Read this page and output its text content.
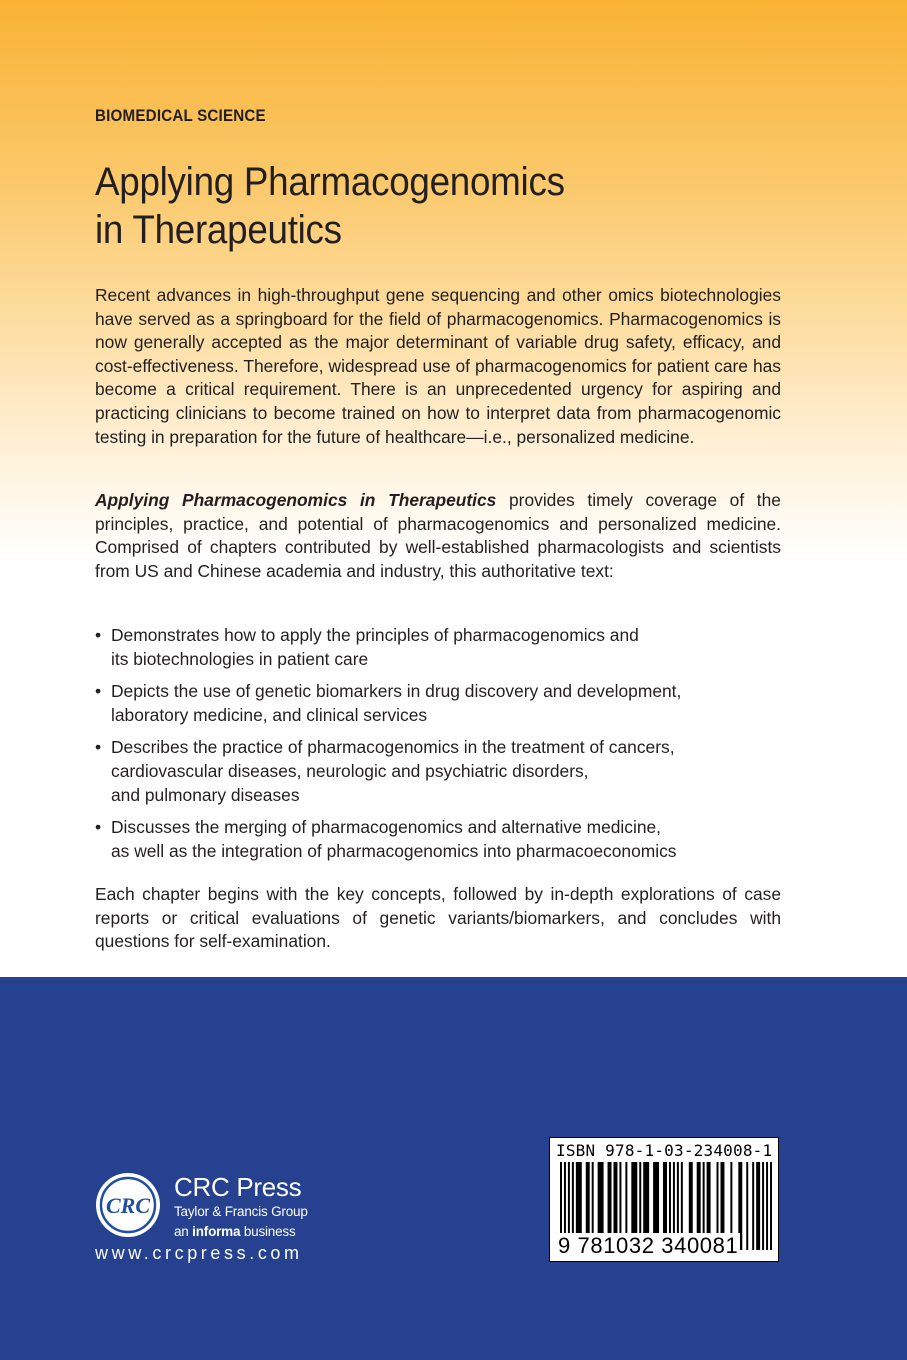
BIOMEDICAL SCIENCE
Applying Pharmacogenomics
in Therapeutics

Recent advances in high-throughput gene sequencing and other omics biotechnologies have served as a springboard for the field of pharmacogenomics. Pharmacogenomics is now generally accepted as the major determinant of variable drug safety, efficacy, and cost-effectiveness. Therefore, widespread use of pharmacogenomics for patient care has become a critical requirement. There is an unprecedented urgency for aspiring and practicing clinicians to become trained on how to interpret data from pharmacogenomic testing in preparation for the future of healthcare—i.e., personalized medicine.

Applying Pharmacogenomics in Therapeutics provides timely coverage of the principles, practice, and potential of pharmacogenomics and personalized medicine. Comprised of chapters contributed by well-established pharmacologists and scientists from US and Chinese academia and industry, this authoritative text:

• Demonstrates how to apply the principles of pharmacogenomics and
its biotechnologies in patient care
• Depicts the use of genetic biomarkers in drug discovery and development,
laboratory medicine, and clinical services
• Describes the practice of pharmacogenomics in the treatment of cancers,
cardiovascular diseases, neurologic and psychiatric disorders,
and pulmonary diseases
• Discusses the merging of pharmacogenomics and alternative medicine,
as well as the integration of pharmacogenomics into pharmacoeconomics

Each chapter begins with the key concepts, followed by in-depth explorations of case reports or critical evaluations of genetic variants/biomarkers, and concludes with questions for self-examination.

CRC
CRC Press
Taylor & Francis Group
an informa business
www.crcpress.com
ISBN 978-1-03-234008-1
9 781032 340081
